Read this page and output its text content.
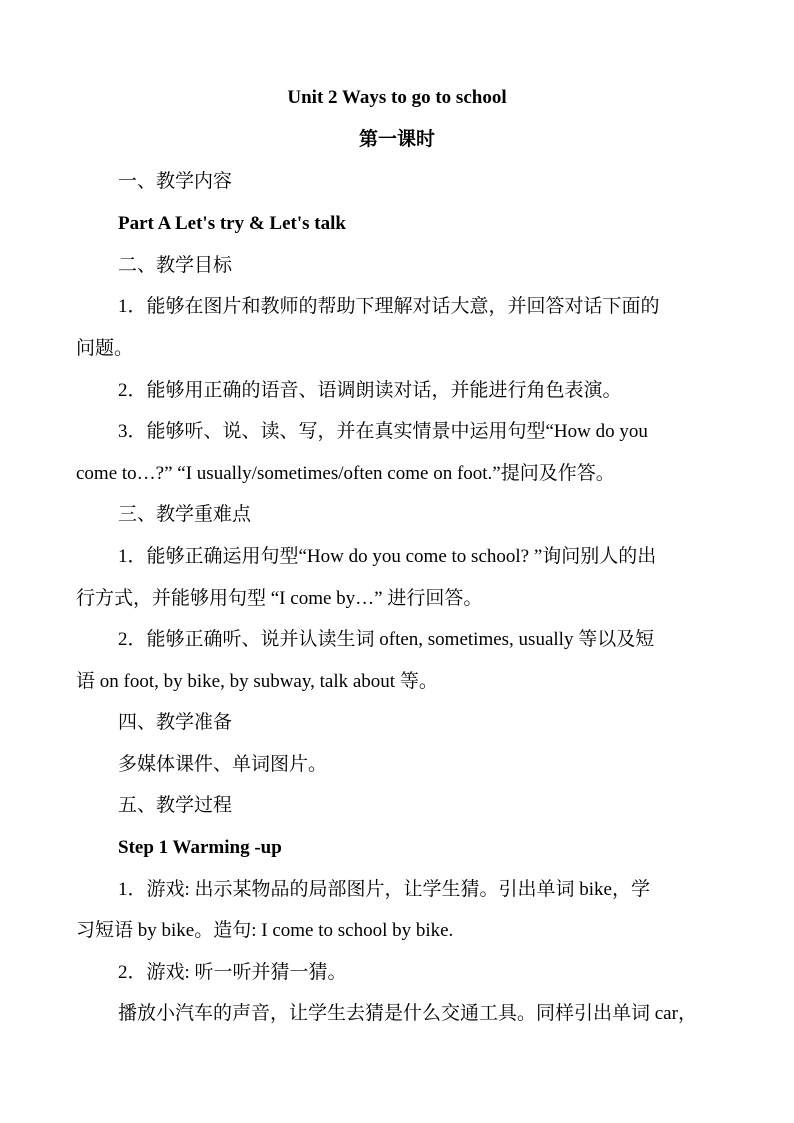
Unit 2 Ways to go to school
第一课时
一、教学内容
Part A Let's try & Let's talk
二、教学目标
1．能够在图片和教师的帮助下理解对话大意，并回答对话下面的
问题。
2．能够用正确的语音、语调朗读对话，并能进行角色表演。
3．能够听、说、读、写，并在真实情景中运用句型“How do you
come to…?” “I usually/sometimes/often come on foot.”提问及作答。
三、教学重难点
1．能够正确运用句型“How do you come to school? ”询问别人的出
行方式，并能够用句型 “I come by…” 进行回答。
2．能够正确听、说并认读生词 often, sometimes, usually 等以及短
语 on foot, by bike, by subway, talk about 等。
四、教学准备
多媒体课件、单词图片。
五、教学过程
Step 1 Warming -up
1．游戏: 出示某物品的局部图片，让学生猜。引出单词 bike，学
习短语 by bike。造句: I come to school by bike.
2．游戏: 听一听并猜一猜。
播放小汽车的声音，让学生去猜是什么交通工具。同样引出单词 car，
